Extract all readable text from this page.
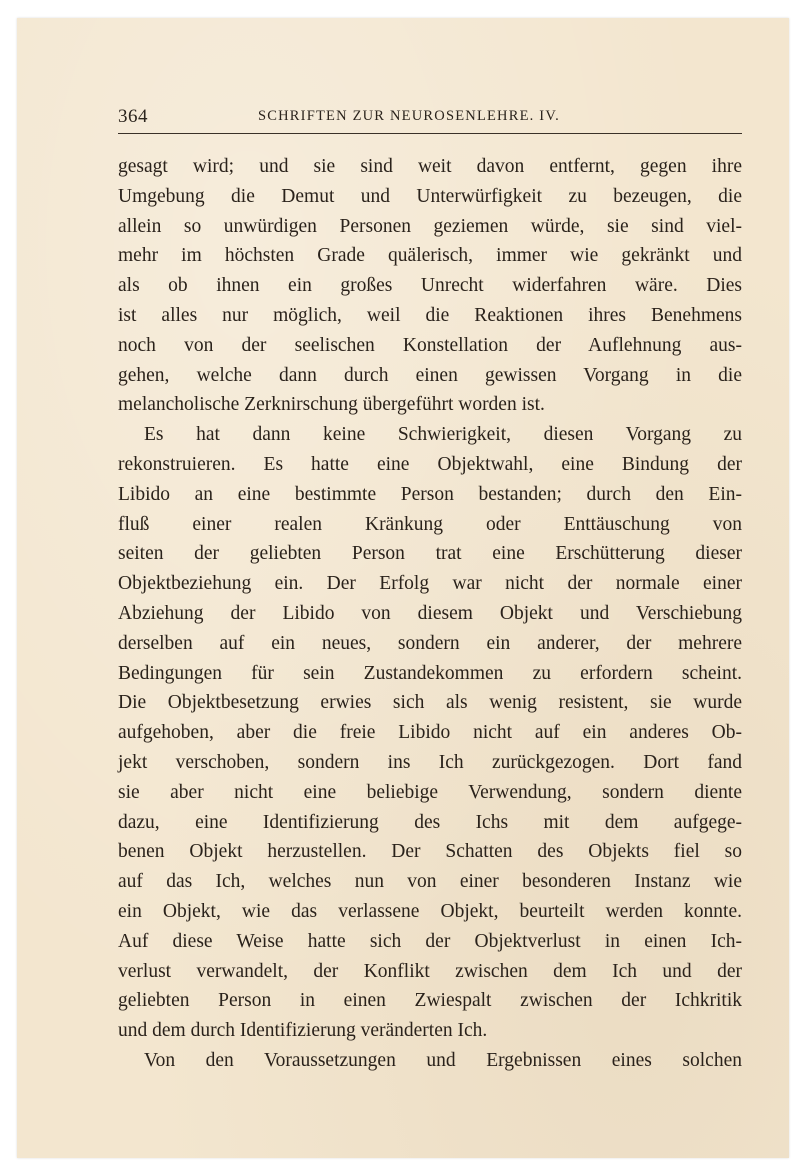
364	SCHRIFTEN ZUR NEUROSENLEHRE. IV.
gesagt wird; und sie sind weit davon entfernt, gegen ihre
Umgebung die Demut und Unterwürfigkeit zu bezeugen, die
allein so unwürdigen Personen geziemen würde, sie sind viel-
mehr im höchsten Grade quälerisch, immer wie gekränkt und
als ob ihnen ein großes Unrecht widerfahren wäre. Dies
ist alles nur möglich, weil die Reaktionen ihres Benehmens
noch von der seelischen Konstellation der Auflehnung aus-
gehen, welche dann durch einen gewissen Vorgang in die
melancholische Zerknirschung übergeführt worden ist.
Es hat dann keine Schwierigkeit, diesen Vorgang zu
rekonstruieren. Es hatte eine Objektwahl, eine Bindung der
Libido an eine bestimmte Person bestanden; durch den Ein-
fluß einer realen Kränkung oder Enttäuschung von
seiten der geliebten Person trat eine Erschütterung dieser
Objektbeziehung ein. Der Erfolg war nicht der normale einer
Abziehung der Libido von diesem Objekt und Verschiebung
derselben auf ein neues, sondern ein anderer, der mehrere
Bedingungen für sein Zustandekommen zu erfordern scheint.
Die Objektbesetzung erwies sich als wenig resistent, sie wurde
aufgehoben, aber die freie Libido nicht auf ein anderes Ob-
jekt verschoben, sondern ins Ich zurückgezogen. Dort fand
sie aber nicht eine beliebige Verwendung, sondern diente
dazu, eine Identifizierung des Ichs mit dem aufgege-
benen Objekt herzustellen. Der Schatten des Objekts fiel so
auf das Ich, welches nun von einer besonderen Instanz wie
ein Objekt, wie das verlassene Objekt, beurteilt werden konnte.
Auf diese Weise hatte sich der Objektverlust in einen Ich-
verlust verwandelt, der Konflikt zwischen dem Ich und der
geliebten Person in einen Zwiespalt zwischen der Ichkritik
und dem durch Identifizierung veränderten Ich.
Von den Voraussetzungen und Ergebnissen eines solchen
